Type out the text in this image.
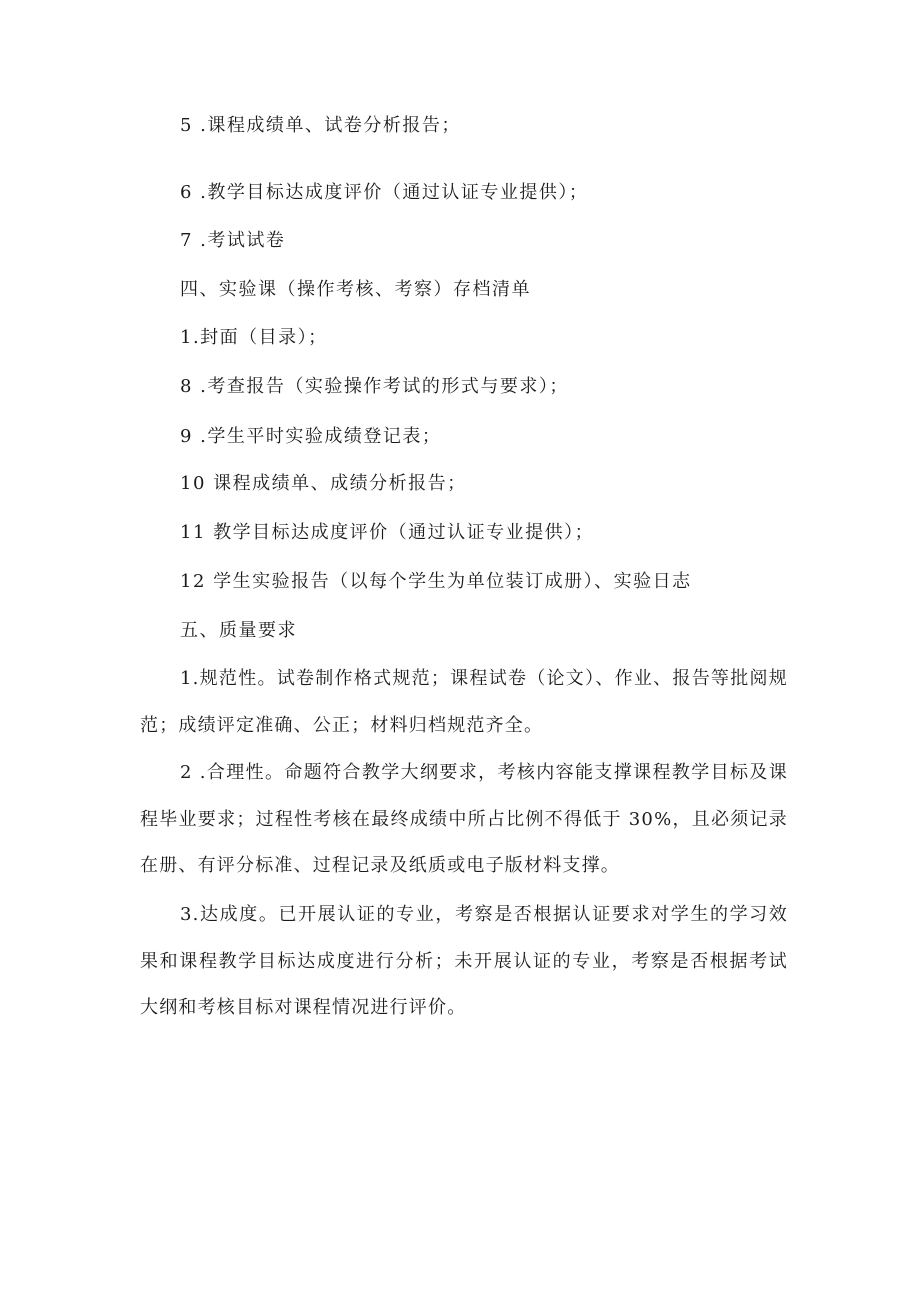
5 .课程成绩单、试卷分析报告；
6 .教学目标达成度评价（通过认证专业提供）；
7 .考试试卷
四、实验课（操作考核、考察）存档清单
1.封面（目录）；
8 .考查报告（实验操作考试的形式与要求）；
9 .学生平时实验成绩登记表；
10 课程成绩单、成绩分析报告；
11 教学目标达成度评价（通过认证专业提供）；
12 学生实验报告（以每个学生为单位装订成册）、实验日志
五、质量要求
1.规范性。试卷制作格式规范；课程试卷（论文）、作业、报告等批阅规范；成绩评定准确、公正；材料归档规范齐全。
2 .合理性。命题符合教学大纲要求，考核内容能支撑课程教学目标及课程毕业要求；过程性考核在最终成绩中所占比例不得低于 30%，且必须记录在册、有评分标准、过程记录及纸质或电子版材料支撑。
3.达成度。已开展认证的专业，考察是否根据认证要求对学生的学习效果和课程教学目标达成度进行分析；未开展认证的专业，考察是否根据考试大纲和考核目标对课程情况进行评价。
